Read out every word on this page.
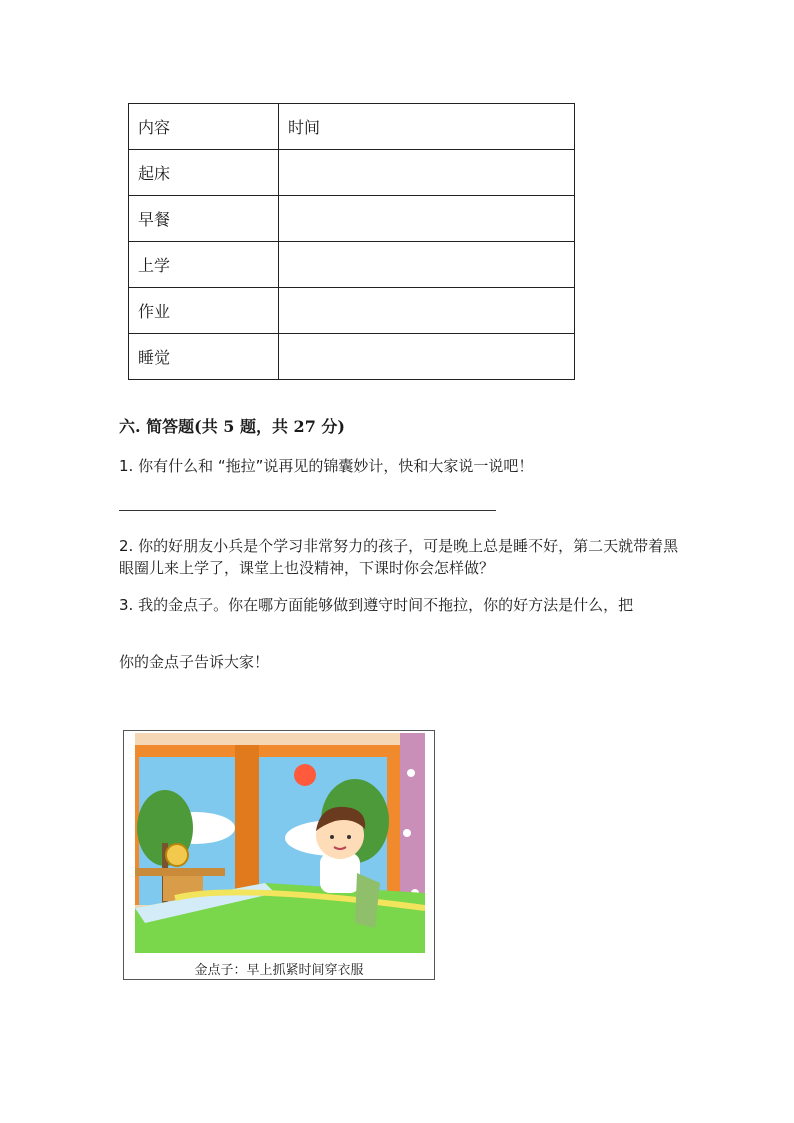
内容	时间
起床	
早餐	
上学	
作业	
睡觉	
六. 简答题(共 5 题，共 27 分)
1. 你有什么和 “拖拉”说再见的锦囊妙计，快和大家说一说吧！
2. 你的好朋友小兵是个学习非常努力的孩子，可是晚上总是睡不好，第二天就带着黑眼圈儿来上学了，课堂上也没精神，下课时你会怎样做？
3. 我的金点子。你在哪方面能够做到遵守时间不拖拉，你的好方法是什么，把
你的金点子告诉大家！
金点子：早上抓紧时间穿衣服
